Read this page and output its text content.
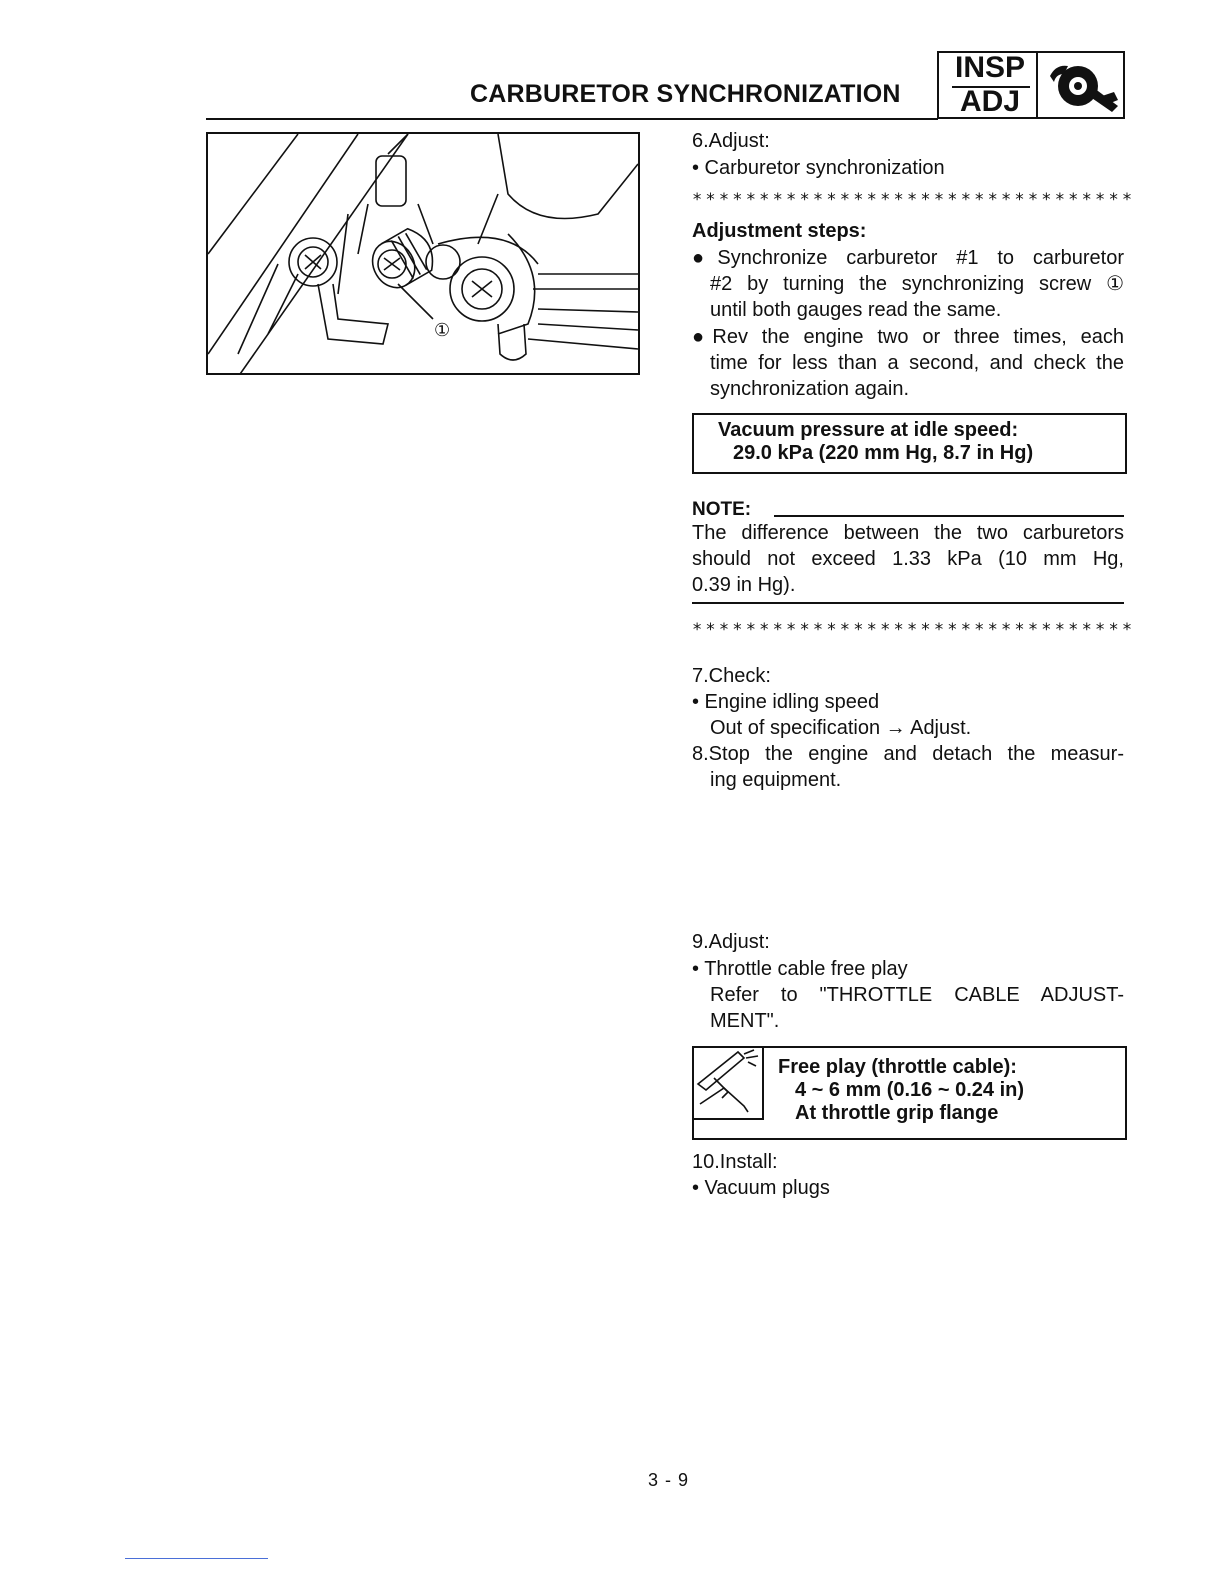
CARBURETOR SYNCHRONIZATION
INSP
ADJ
①
6.Adjust:
• Carburetor synchronization
*********************************
Adjustment steps:
●Synchronize carburetor #1 to carburetor
#2 by turning the synchronizing screw ①
until both gauges read the same.
●Rev the engine two or three times, each
time for less than a second, and check the
synchronization again.
Vacuum pressure at idle speed:
29.0 kPa (220 mm Hg, 8.7 in Hg)
NOTE:
The difference between the two carburetors
should not exceed 1.33 kPa (10 mm Hg,
0.39 in Hg).
*********************************
7.Check:
• Engine idling speed
Out of specification → Adjust.
8.Stop the engine and detach the measur-
ing equipment.
9.Adjust:
• Throttle cable free play
Refer to "THROTTLE CABLE ADJUST-
MENT".
Free play (throttle cable):
4 ~ 6 mm (0.16 ~ 0.24 in)
At throttle grip flange
10.Install:
• Vacuum plugs
3 - 9
